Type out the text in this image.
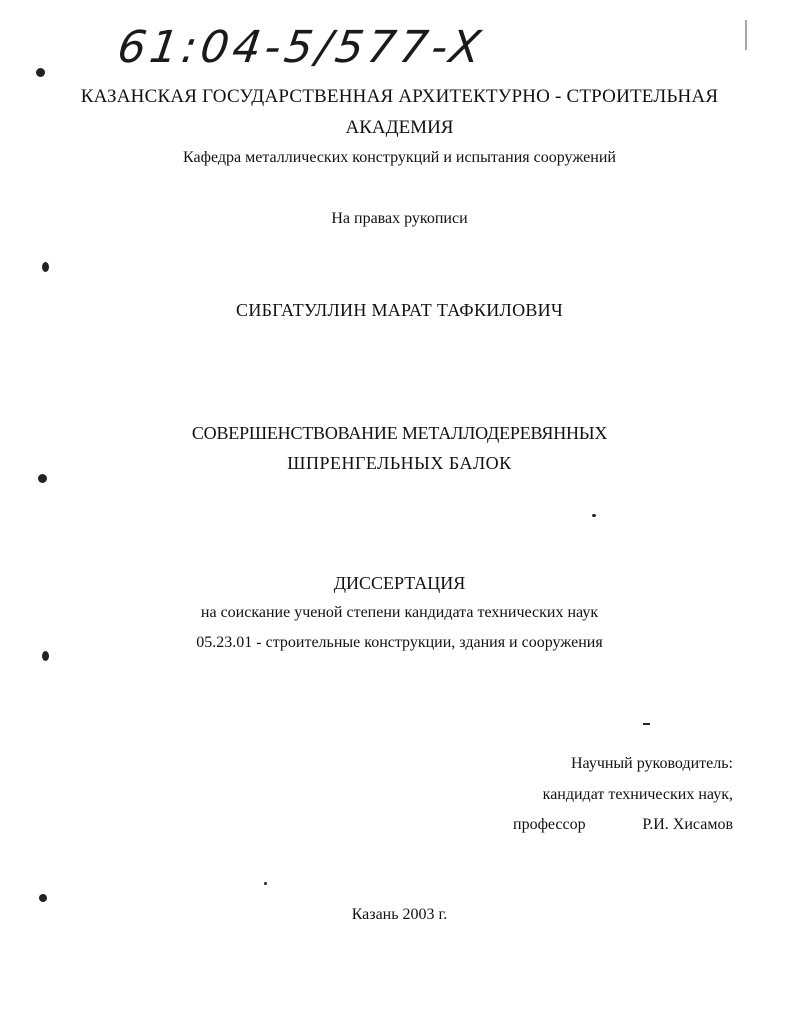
61:04-5/577-X
КАЗАНСКАЯ ГОСУДАРСТВЕННАЯ АРХИТЕКТУРНО - СТРОИТЕЛЬНАЯ
АКАДЕМИЯ
Кафедра металлических конструкций и испытания сооружений
На правах рукописи
СИБГАТУЛЛИН МАРАТ ТАФКИЛОВИЧ
СОВЕРШЕНСТВОВАНИЕ МЕТАЛЛОДЕРЕВЯННЫХ
ШПРЕНГЕЛЬНЫХ БАЛОК
ДИССЕРТАЦИЯ
на соискание ученой степени кандидата технических наук
05.23.01 - строительные конструкции, здания и сооружения
Научный руководитель:
кандидат технических наук,
профессор	Р.И. Хисамов
Казань 2003 г.
